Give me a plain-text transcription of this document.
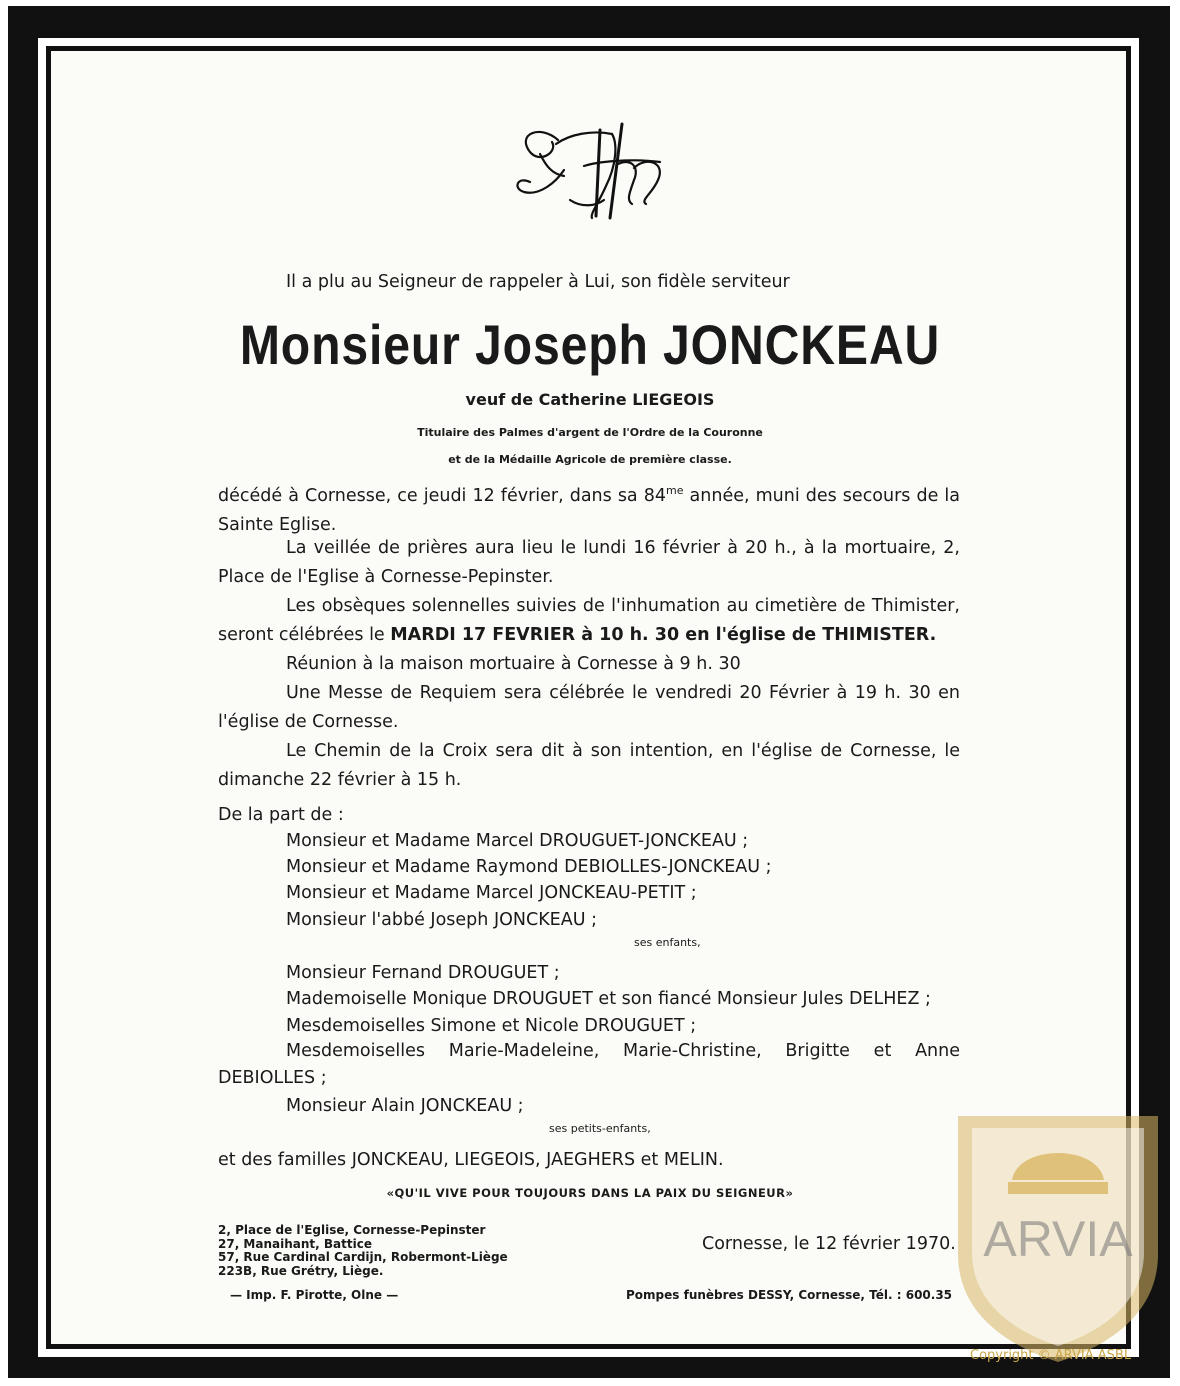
Il a plu au Seigneur de rappeler à Lui, son fidèle serviteur

Monsieur Joseph JONCKEAU

veuf de Catherine LIEGEOIS

Titulaire des Palmes d'argent de l'Ordre de la Couronne

et de la Médaille Agricole de première classe.

décédé à Cornesse, ce jeudi 12 février, dans sa $84^{me}$ année, muni des secours de la Sainte Eglise.

La veillée de prières aura lieu le lundi 16 février à 20 h., à la mortuaire, 2, Place de l'Eglise à Cornesse-Pepinster.

Les obsèques solennelles suivies de l'inhumation au cimetière de Thimister, seront célébrées le MARDI 17 FEVRIER à 10 h. 30 en l'église de THIMISTER.

Réunion à la maison mortuaire à Cornesse à 9 h. 30

Une Messe de Requiem sera célébrée le vendredi 20 Février à 19 h. 30 en l'église de Cornesse.

Le Chemin de la Croix sera dit à son intention, en l'église de Cornesse, le dimanche 22 février à 15 h.

De la part de :

Monsieur et Madame Marcel DROUGUET-JONCKEAU ;

Monsieur et Madame Raymond DEBIOLLES-JONCKEAU ;

Monsieur et Madame Marcel JONCKEAU-PETIT ;

Monsieur l'abbé Joseph JONCKEAU ;

ses enfants,

Monsieur Fernand DROUGUET ;

Mademoiselle Monique DROUGUET et son fiancé Monsieur Jules DELHEZ ;

Mesdemoiselles Simone et Nicole DROUGUET ;

Mesdemoiselles Marie-Madeleine, Marie-Christine, Brigitte et Anne DEBIOLLES ;

Monsieur Alain JONCKEAU ;

ses petits-enfants,

et des familles JONCKEAU, LIEGEOIS, JAEGHERS et MELIN.

«QU'IL VIVE POUR TOUJOURS DANS LA PAIX DU SEIGNEUR»

2, Place de l'Eglise, Cornesse-Pepinster
27, Manaihant, Battice
57, Rue Cardinal Cardijn, Robermont-Liège
223B, Rue Grétry, Liège.

Cornesse, le 12 février 1970.

— Imp. F. Pirotte, Olne —	Pompes funèbres DESSY, Cornesse, Tél. : 600.35

ARVIA

Copyright © ARVIA ASBL
